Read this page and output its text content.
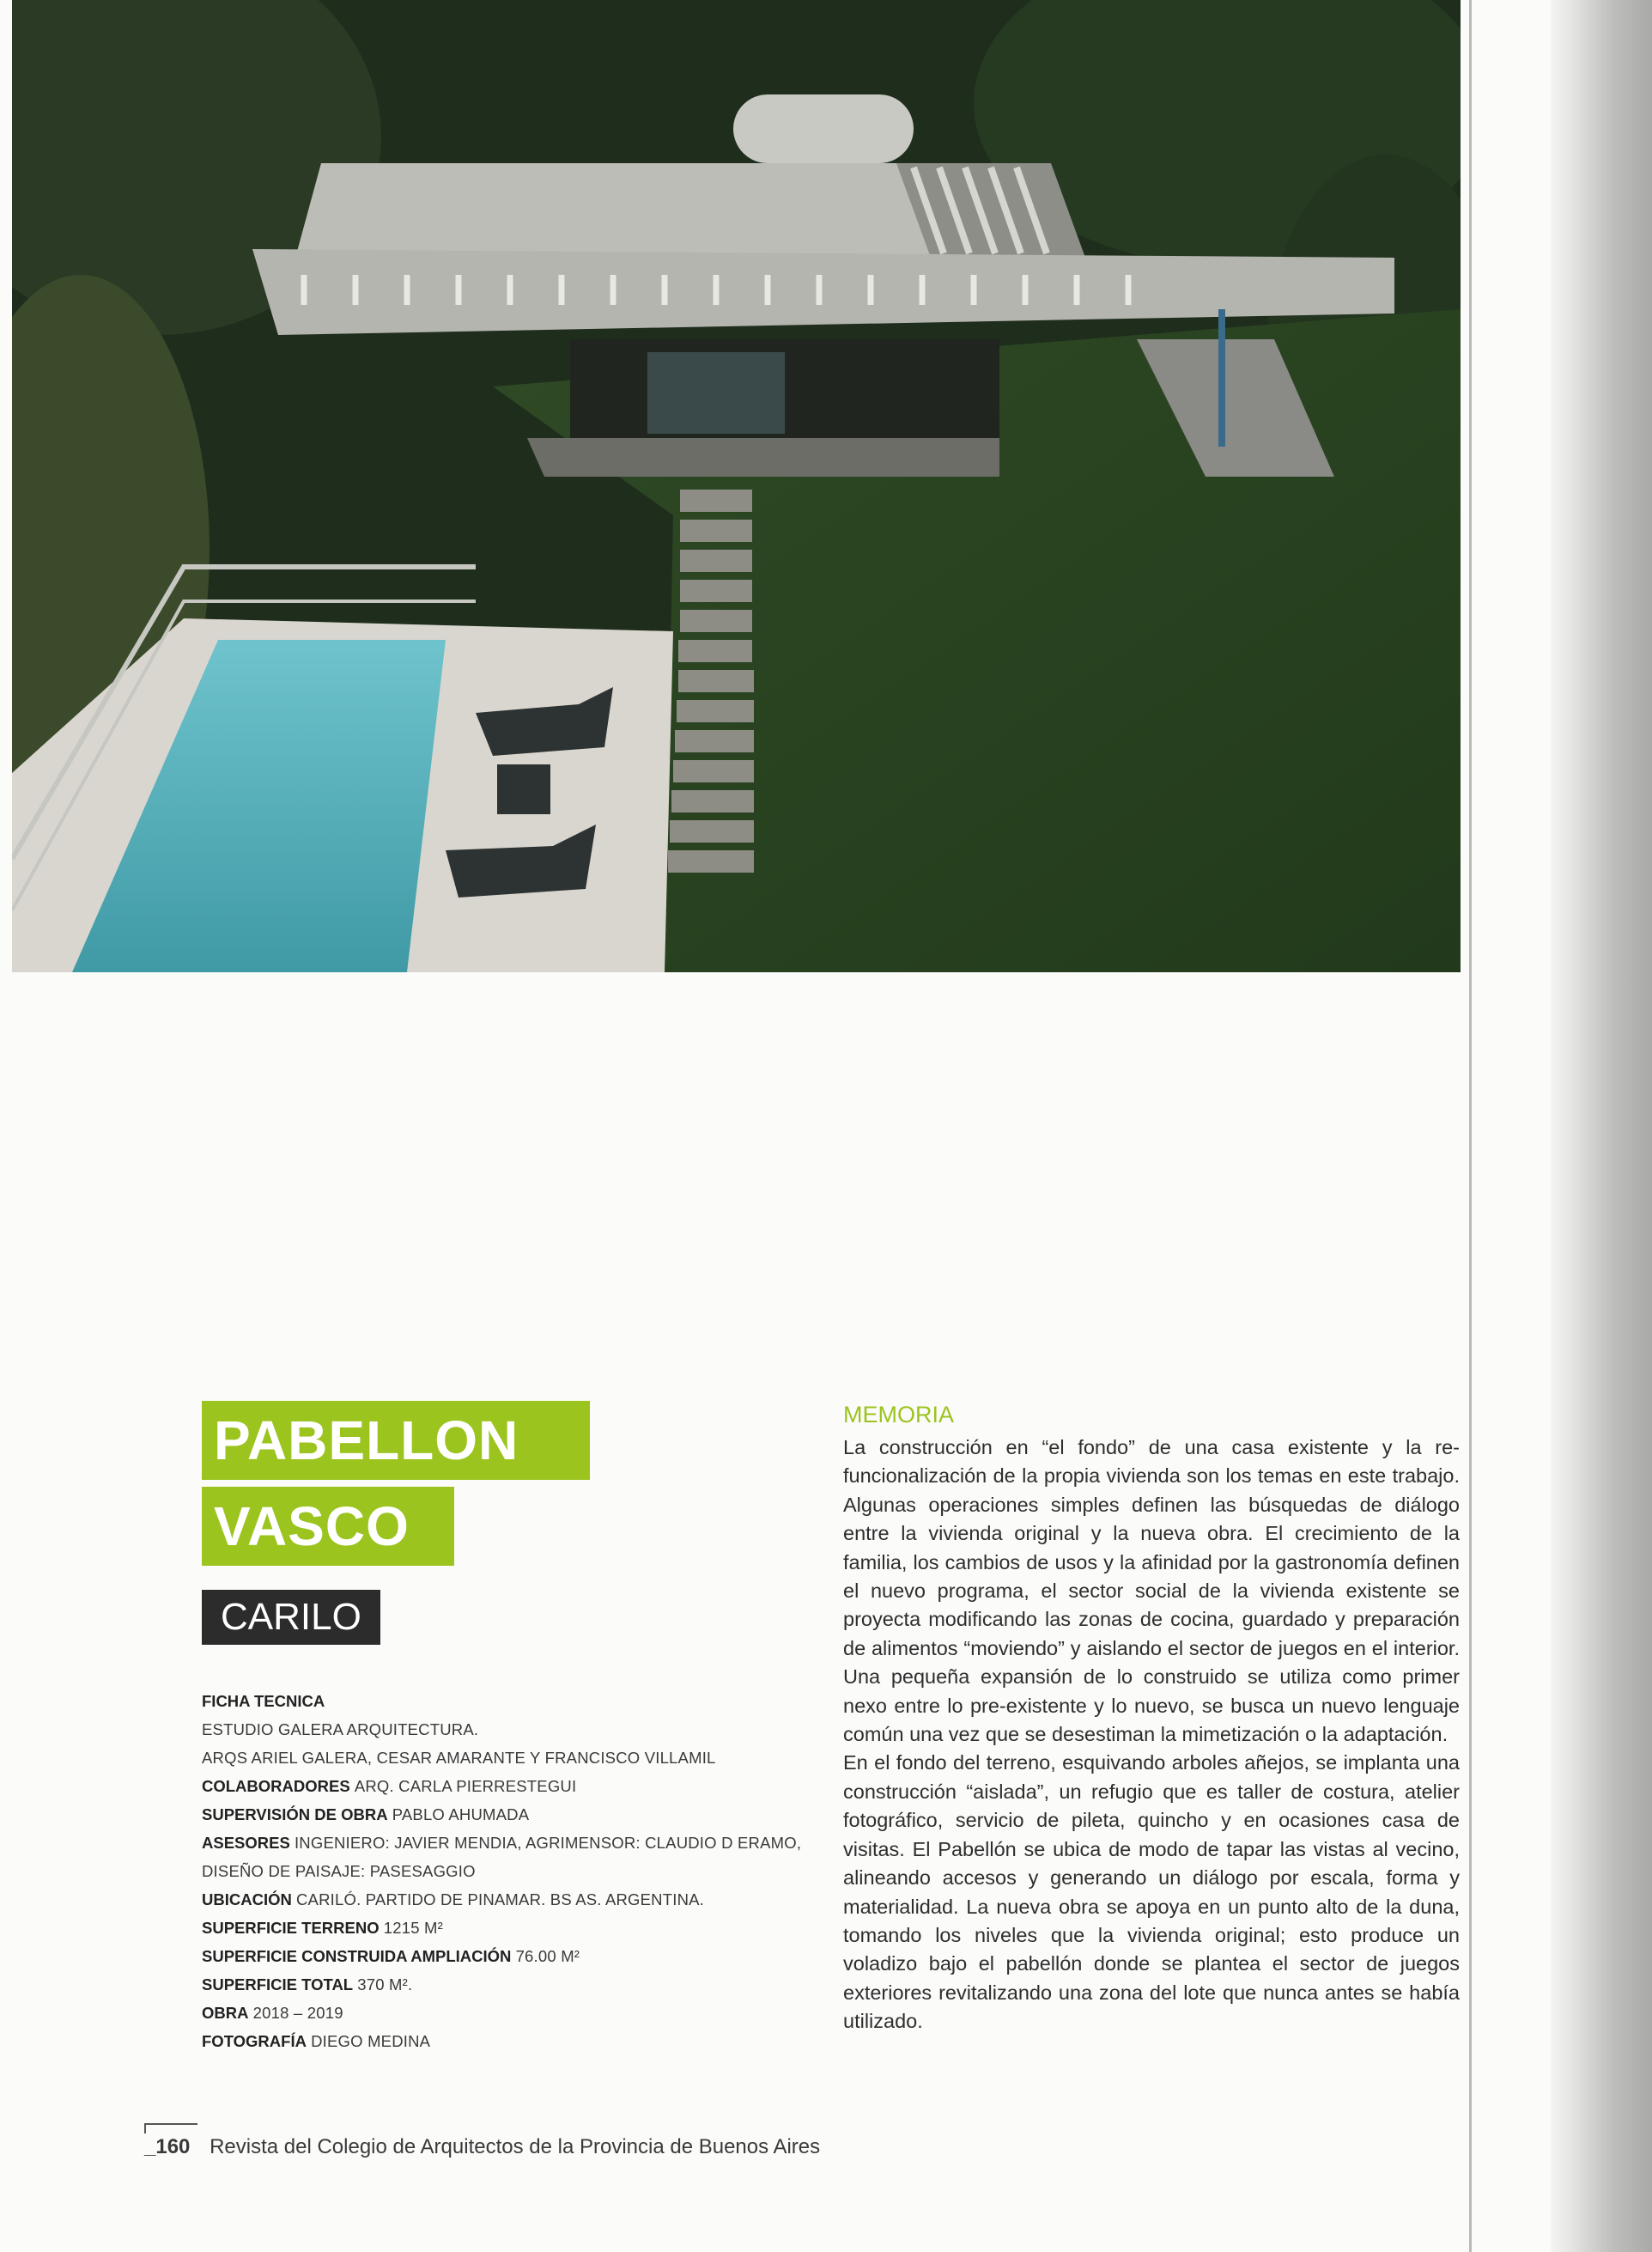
PABELLON
VASCO
CARILO
FICHA TECNICA
ESTUDIO GALERA ARQUITECTURA.
ARQS ARIEL GALERA, CESAR AMARANTE Y FRANCISCO VILLAMIL
COLABORADORES ARQ. CARLA PIERRESTEGUI
SUPERVISIÓN DE OBRA PABLO AHUMADA
ASESORES INGENIERO: JAVIER MENDIA, AGRIMENSOR: CLAUDIO D ERAMO,
DISEÑO DE PAISAJE: PASESAGGIO
UBICACIÓN CARILÓ. PARTIDO DE PINAMAR. BS AS. ARGENTINA.
SUPERFICIE TERRENO 1215 M²
SUPERFICIE CONSTRUIDA AMPLIACIÓN 76.00 M²
SUPERFICIE TOTAL 370 M².
OBRA 2018 – 2019
FOTOGRAFÍA DIEGO MEDINA
MEMORIA

La construcción en “el fondo” de una casa existente y la re-funcionalización de la propia vivienda son los temas en este trabajo. Algunas operaciones simples definen las búsquedas de diálogo entre la vivienda original y la nueva obra. El crecimiento de la familia, los cambios de usos y la afinidad por la gastronomía definen el nuevo programa, el sector social de la vivienda existente se proyecta modificando las zonas de cocina, guardado y preparación de alimentos “moviendo” y aislando el sector de juegos en el interior. Una pequeña expansión de lo construido se utiliza como primer nexo entre lo pre-existente y lo nuevo, se busca un nuevo lenguaje común una vez que se desestiman la mimetización o la adaptación.

En el fondo del terreno, esquivando arboles añejos, se implanta una construcción “aislada”, un refugio que es taller de costura, atelier fotográfico, servicio de pileta, quincho y en ocasiones casa de visitas. El Pabellón se ubica de modo de tapar las vistas al vecino, alineando accesos y generando un diálogo por escala, forma y materialidad. La nueva obra se apoya en un punto alto de la duna, tomando los niveles que la vivienda original; esto produce un voladizo bajo el pabellón donde se plantea el sector de juegos exteriores revitalizando una zona del lote que nunca antes se había utilizado.

_160 Revista del Colegio de Arquitectos de la Provincia de Buenos Aires
